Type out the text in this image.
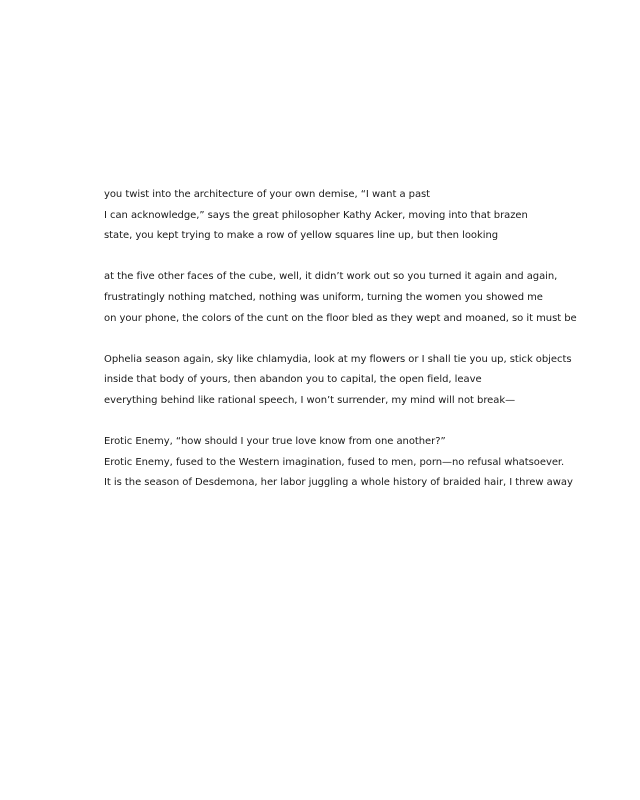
you twist into the architecture of your own demise, “I want a past
I can acknowledge,” says the great philosopher Kathy Acker, moving into that brazen
state, you kept trying to make a row of yellow squares line up, but then looking
at the five other faces of the cube, well, it didn’t work out so you turned it again and again,
frustratingly nothing matched, nothing was uniform, turning the women you showed me
on your phone, the colors of the cunt on the floor bled as they wept and moaned, so it must be
Ophelia season again, sky like chlamydia, look at my flowers or I shall tie you up, stick objects
inside that body of yours, then abandon you to capital, the open field, leave
everything behind like rational speech, I won’t surrender, my mind will not break—
Erotic Enemy, “how should I your true love know from one another?”
Erotic Enemy, fused to the Western imagination, fused to men, porn—no refusal whatsoever.
It is the season of Desdemona, her labor juggling a whole history of braided hair, I threw away
